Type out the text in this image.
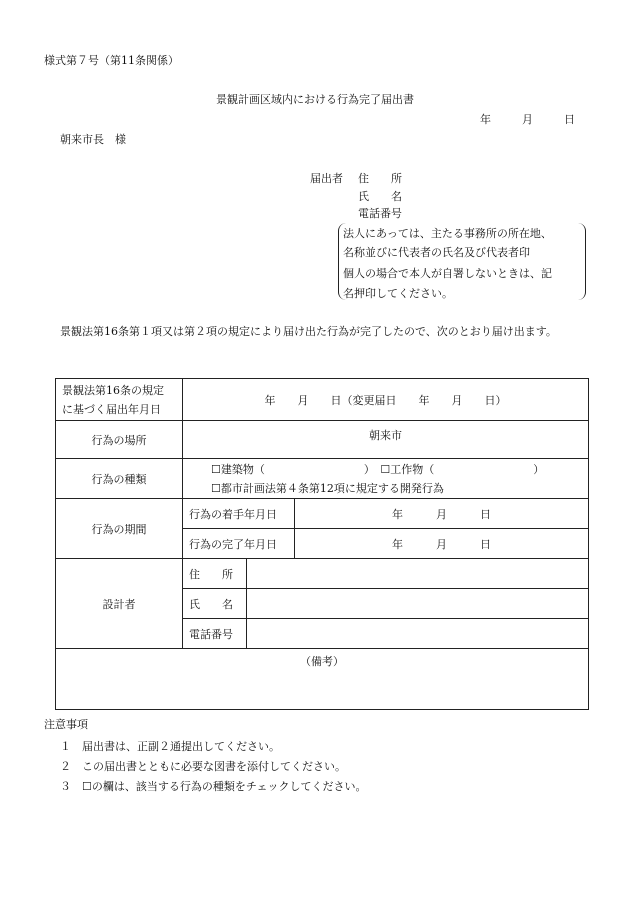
様式第７号（第11条関係）
景観計画区域内における行為完了届出書
年	月	日
朝来市長　様
届出者 住　　所
氏　　名
電話番号
法人にあっては、主たる事務所の所在地、
名称並びに代表者の氏名及び代表者印
個人の場合で本人が自署しないときは、記
名押印してください。
景観法第16条第１項又は第２項の規定により届け出た行為が完了したので、次のとおり届け出ます。
景観法第16条の規定
に基づく届出年月日	年　　月　　日（変更届日　　年　　月　　日）		
行為の場所	朝来市		
行為の種類	☐建築物（　　　　　　　　　）　☐工作物（　　　　　　　　　）
☐都市計画法第４条第12項に規定する開発行為		

行為の期間	行為の着手年月日		年　　　月　　　日
	行為の完了年月日		年　　　月　　　日
設計者	住　　所		
	氏　　名		
	電話番号		
（備考）			
注意事項
１　届出書は、正副２通提出してください。
２　この届出書とともに必要な図書を添付してください。
３　☐の欄は、該当する行為の種類をチェックしてください。
